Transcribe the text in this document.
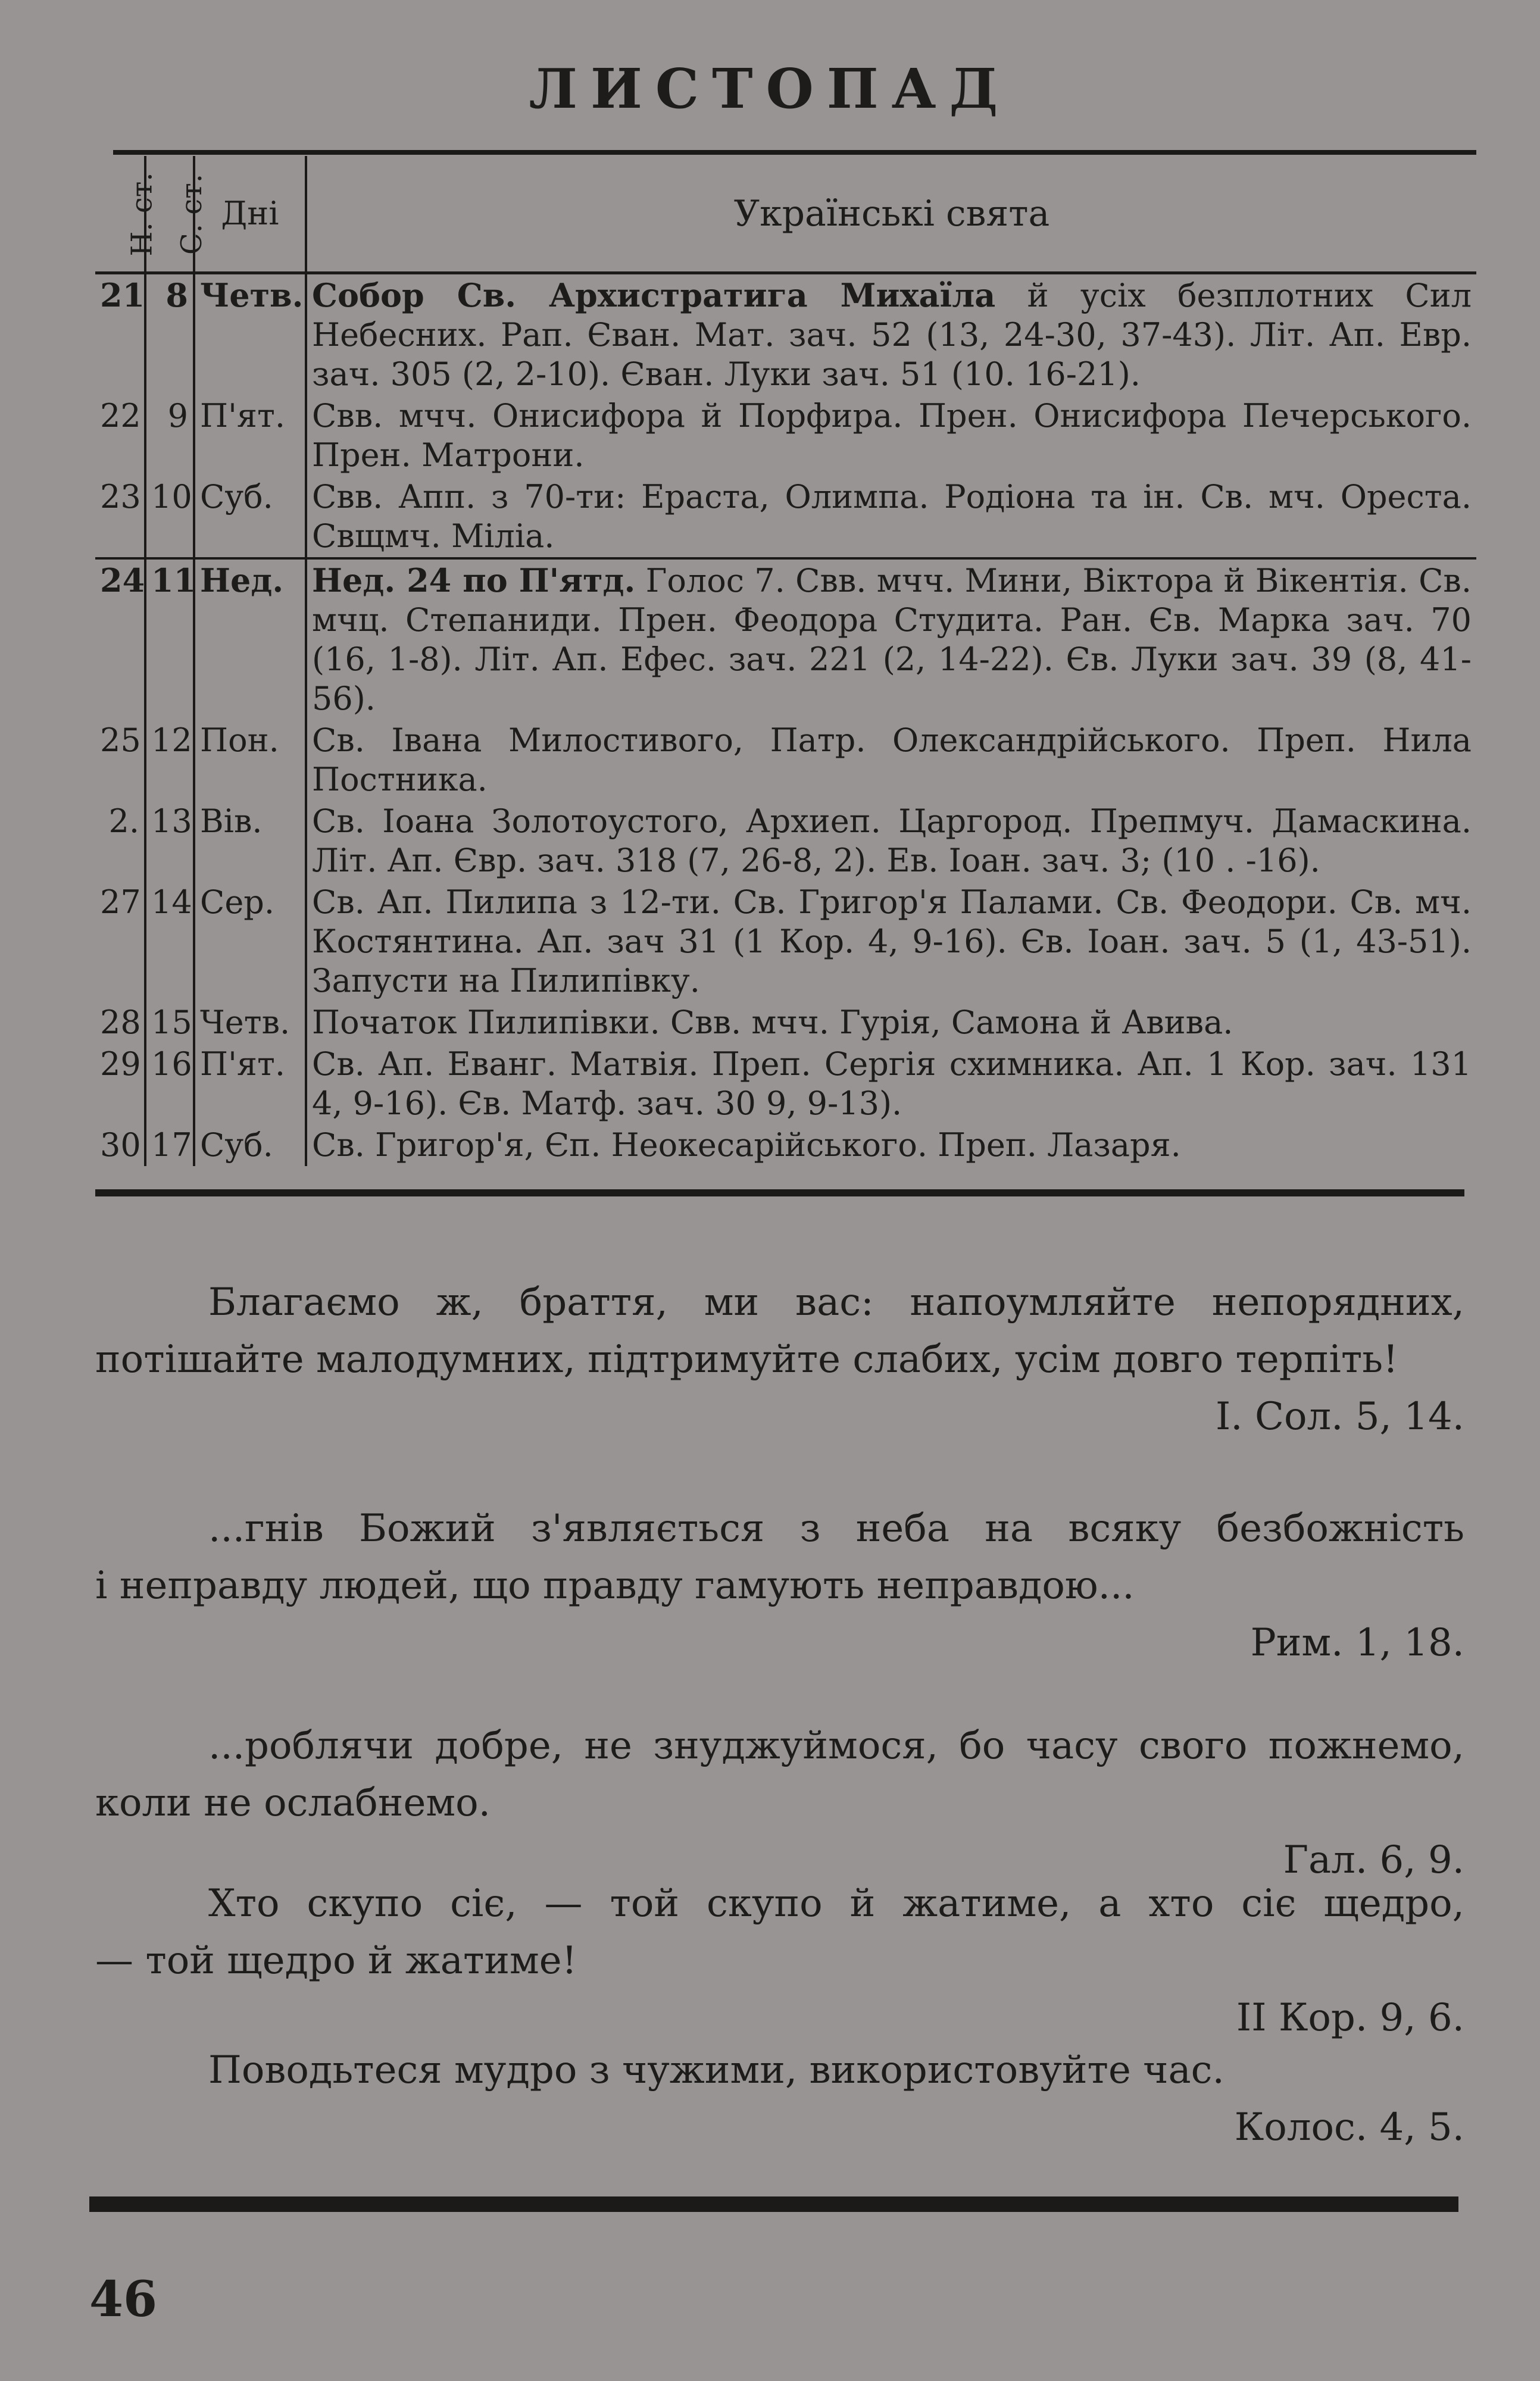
ЛИСТОПАД
Н. ст.	С. ст.	Дні	Українські свята
21	8	Четв.	Собор Св. Архистратига Михаїла й усіх безплотних Сил Небесних. Рап. Єван. Мат. зач. 52 (13, 24-30, 37-43). Літ. Ап. Евр. зач. 305 (2, 2-10). Єван. Луки зач. 51 (10. 16-21).
22	9	П'ят.	Свв. мчч. Онисифора й Порфира. Прен. Онисифора Печерського. Прен. Матрони.
23	10	Суб.	Свв. Апп. з 70-ти: Ераста, Олимпа. Родіона та ін. Св. мч. Ореста. Свщмч. Міліа.
24	11	Нед.	Нед. 24 по П'ятд. Голос 7. Свв. мчч. Мини, Віктора й Вікентія. Св. мчц. Степаниди. Прен. Феодора Студита. Ран. Єв. Марка зач. 70 (16, 1-8). Літ. Ап. Ефес. зач. 221 (2, 14-22). Єв. Луки зач. 39 (8, 41-56).
25	12	Пон.	Св. Івана Милостивого, Патр. Олександрійського. Преп. Нила Постника.
2.	13	Вів.	Св. Іоана Золотоустого, Архиеп. Царгород. Препмуч. Дамаскина. Літ. Ап. Євр. зач. 318 (7, 26-8, 2). Ев. Іоан. зач. 3; (10 . -16).
27	14	Сер.	Св. Ап. Пилипа з 12-ти. Св. Григор'я Палами. Св. Феодори. Св. мч. Костянтина. Ап. зач 31 (1 Кор. 4, 9-16). Єв. Іоан. зач. 5 (1, 43-51). Запусти на Пилипівку.
28	15	Четв.	Початок Пилипівки. Свв. мчч. Гурія, Самона й Авива.
29	16	П'ят.	Св. Ап. Еванг. Матвія. Преп. Сергія схимника. Ап. 1 Кор. зач. 131 4, 9-16). Єв. Матф. зач. 30 9, 9-13).
30	17	Суб.	Св. Григор'я, Єп. Неокесарійського. Преп. Лазаря.
Благаємо ж, браття, ми вас: напоумляйте непорядних,
потішайте малодумних, підтримуйте слабих, усім довго терпіть!
І. Сол. 5, 14.
...гнів Божий з'являється з неба на всяку безбожність
і неправду людей, що правду гамують неправдою...
Рим. 1, 18.
...роблячи добре, не знуджуймося, бо часу свого пожнемо,
коли не ослабнемо.
Гал. 6, 9.
Хто скупо сіє, — той скупо й жатиме, а хто сіє щедро,
— той щедро й жатиме!
ІІ Кор. 9, 6.
Поводьтеся мудро з чужими, використовуйте час.
Колос. 4, 5.
46
